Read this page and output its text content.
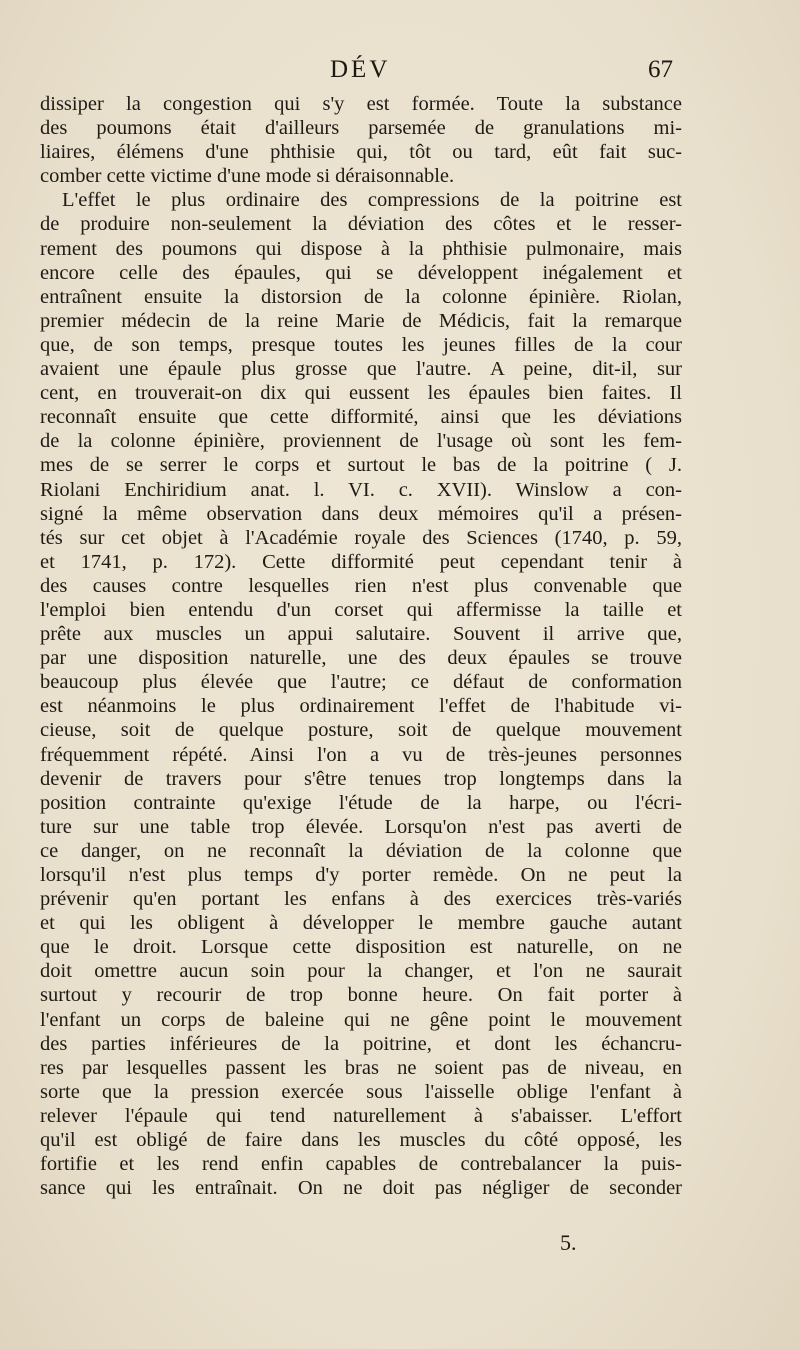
DÉV	67
dissiper la congestion qui s'y est formée. Toute la substance
des poumons était d'ailleurs parsemée de granulations mi-
liaires, élémens d'une phthisie qui, tôt ou tard, eût fait suc-
comber cette victime d'une mode si déraisonnable.
L'effet le plus ordinaire des compressions de la poitrine est
de produire non-seulement la déviation des côtes et le resser-
rement des poumons qui dispose à la phthisie pulmonaire, mais
encore celle des épaules, qui se développent inégalement et
entraînent ensuite la distorsion de la colonne épinière. Riolan,
premier médecin de la reine Marie de Médicis, fait la remarque
que, de son temps, presque toutes les jeunes filles de la cour
avaient une épaule plus grosse que l'autre. A peine, dit-il, sur
cent, en trouverait-on dix qui eussent les épaules bien faites. Il
reconnaît ensuite que cette difformité, ainsi que les déviations
de la colonne épinière, proviennent de l'usage où sont les fem-
mes de se serrer le corps et surtout le bas de la poitrine ( J.
Riolani Enchiridium anat. l. VI. c. XVII). Winslow a con-
signé la même observation dans deux mémoires qu'il a présen-
tés sur cet objet à l'Académie royale des Sciences (1740, p. 59,
et 1741, p. 172). Cette difformité peut cependant tenir à
des causes contre lesquelles rien n'est plus convenable que
l'emploi bien entendu d'un corset qui affermisse la taille et
prête aux muscles un appui salutaire. Souvent il arrive que,
par une disposition naturelle, une des deux épaules se trouve
beaucoup plus élevée que l'autre; ce défaut de conformation
est néanmoins le plus ordinairement l'effet de l'habitude vi-
cieuse, soit de quelque posture, soit de quelque mouvement
fréquemment répété. Ainsi l'on a vu de très-jeunes personnes
devenir de travers pour s'être tenues trop longtemps dans la
position contrainte qu'exige l'étude de la harpe, ou l'écri-
ture sur une table trop élevée. Lorsqu'on n'est pas averti de
ce danger, on ne reconnaît la déviation de la colonne que
lorsqu'il n'est plus temps d'y porter remède. On ne peut la
prévenir qu'en portant les enfans à des exercices très-variés
et qui les obligent à développer le membre gauche autant
que le droit. Lorsque cette disposition est naturelle, on ne
doit omettre aucun soin pour la changer, et l'on ne saurait
surtout y recourir de trop bonne heure. On fait porter à
l'enfant un corps de baleine qui ne gêne point le mouvement
des parties inférieures de la poitrine, et dont les échancru-
res par lesquelles passent les bras ne soient pas de niveau, en
sorte que la pression exercée sous l'aisselle oblige l'enfant à
relever l'épaule qui tend naturellement à s'abaisser. L'effort
qu'il est obligé de faire dans les muscles du côté opposé, les
fortifie et les rend enfin capables de contrebalancer la puis-
sance qui les entraînait. On ne doit pas négliger de seconder
5.
